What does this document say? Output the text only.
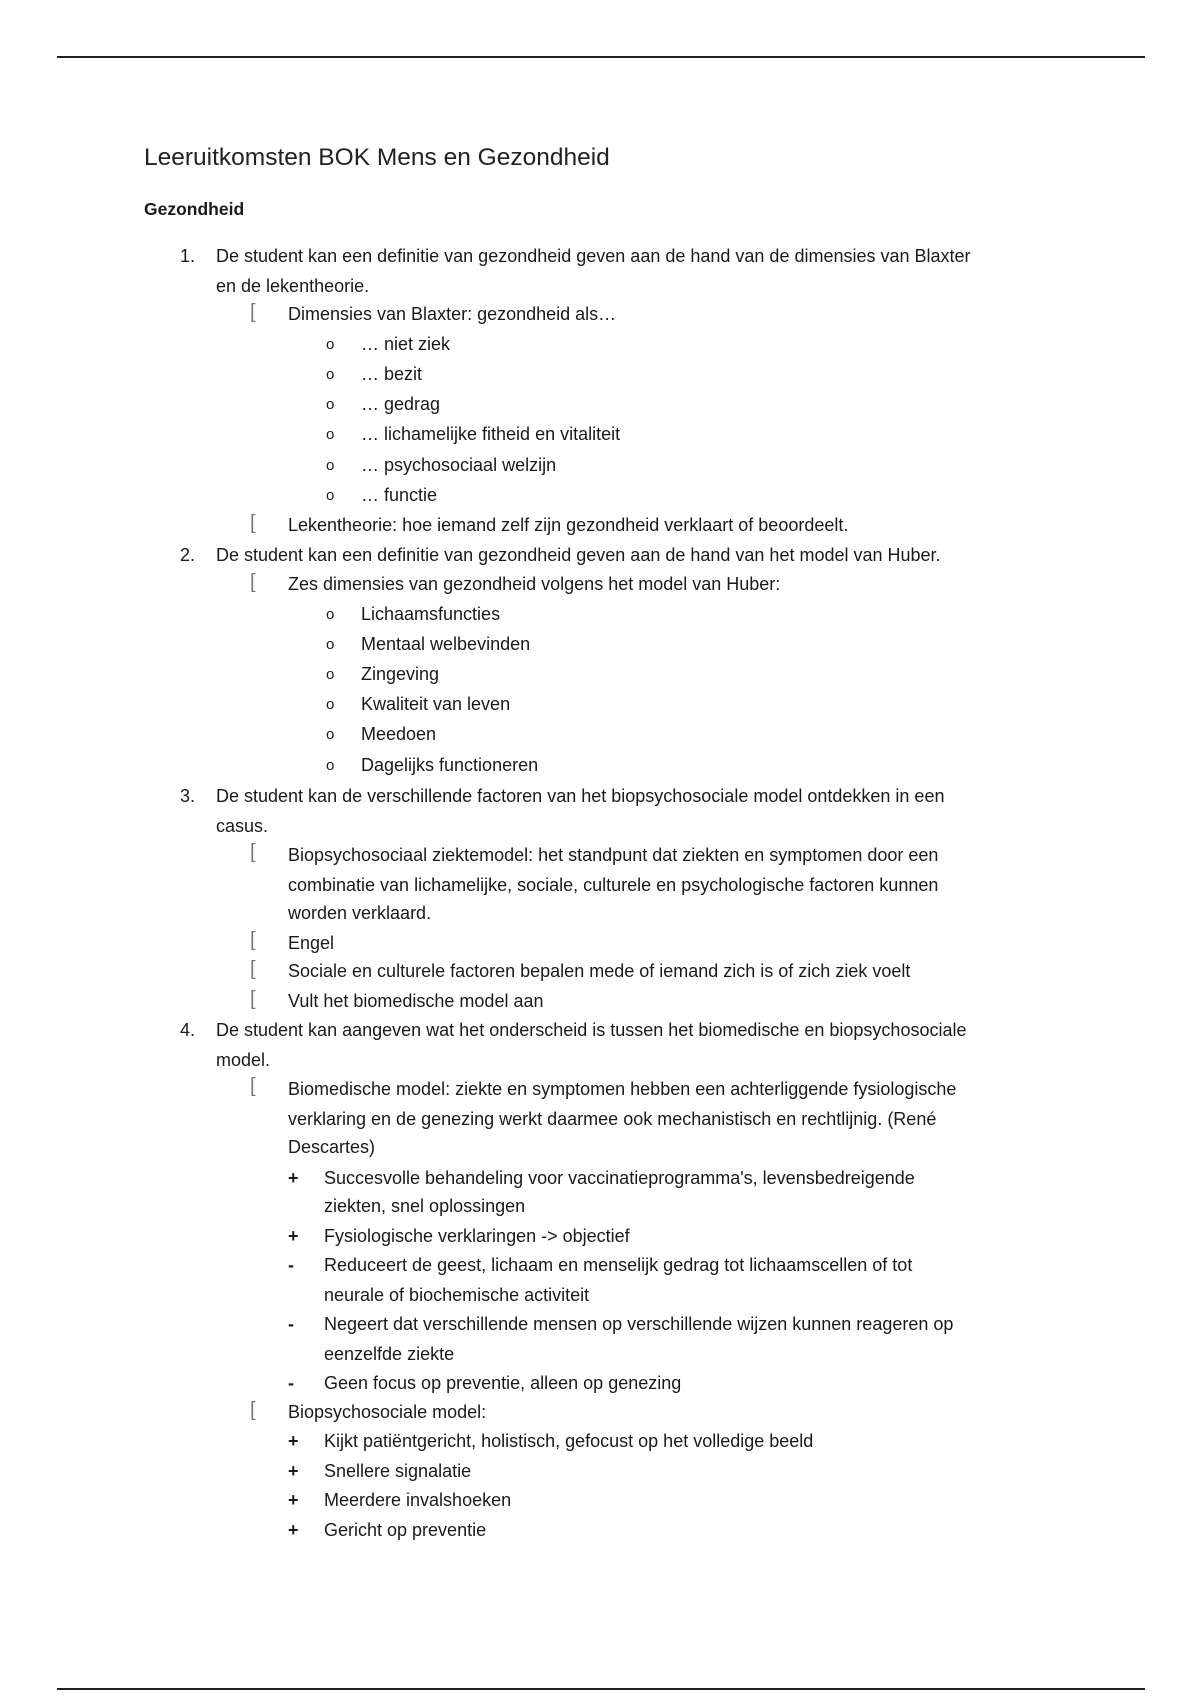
Leeruitkomsten BOK Mens en Gezondheid
Gezondheid
1. De student kan een definitie van gezondheid geven aan de hand van de dimensies van Blaxter
en de lekentheorie.
[ Dimensies van Blaxter: gezondheid als…
o … niet ziek
o … bezit
o … gedrag
o … lichamelijke fitheid en vitaliteit
o … psychosociaal welzijn
o … functie
[ Lekentheorie: hoe iemand zelf zijn gezondheid verklaart of beoordeelt.
2. De student kan een definitie van gezondheid geven aan de hand van het model van Huber.
[ Zes dimensies van gezondheid volgens het model van Huber:
o Lichaamsfuncties
o Mentaal welbevinden
o Zingeving
o Kwaliteit van leven
o Meedoen
o Dagelijks functioneren
3. De student kan de verschillende factoren van het biopsychosociale model ontdekken in een
casus.
[ Biopsychosociaal ziektemodel: het standpunt dat ziekten en symptomen door een
combinatie van lichamelijke, sociale, culturele en psychologische factoren kunnen
worden verklaard.
[ Engel
[ Sociale en culturele factoren bepalen mede of iemand zich is of zich ziek voelt
[ Vult het biomedische model aan
4. De student kan aangeven wat het onderscheid is tussen het biomedische en biopsychosociale
model.
[ Biomedische model: ziekte en symptomen hebben een achterliggende fysiologische
verklaring en de genezing werkt daarmee ook mechanistisch en rechtlijnig. (René
Descartes)
+ Succesvolle behandeling voor vaccinatieprogramma's, levensbedreigende
ziekten, snel oplossingen
+ Fysiologische verklaringen -> objectief
- Reduceert de geest, lichaam en menselijk gedrag tot lichaamscellen of tot
neurale of biochemische activiteit
- Negeert dat verschillende mensen op verschillende wijzen kunnen reageren op
eenzelfde ziekte
- Geen focus op preventie, alleen op genezing
[ Biopsychosociale model:
+ Kijkt patiëntgericht, holistisch, gefocust op het volledige beeld
+ Snellere signalatie
+ Meerdere invalshoeken
+ Gericht op preventie
